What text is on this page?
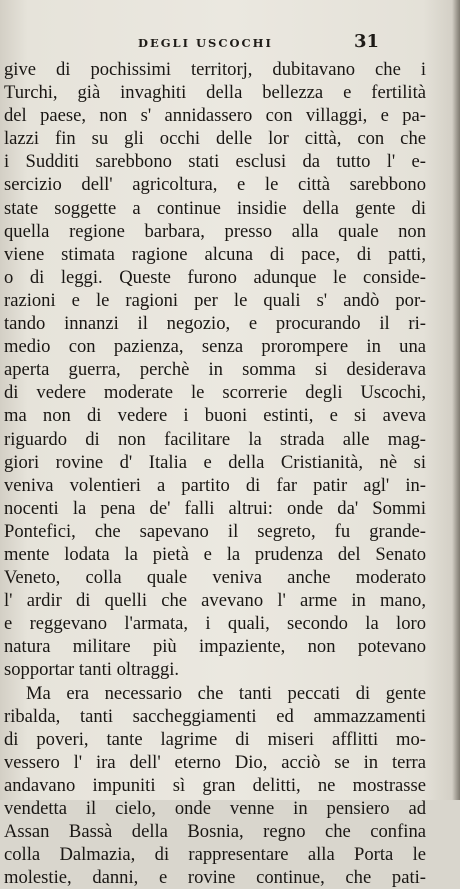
DEGLI USCOCHI	31
give di pochissimi territorj, dubitavano che i
Turchi, già invaghiti della bellezza e fertilità
del paese, non s' annidassero con villaggi, e pa-
lazzi fin su gli occhi delle lor città, con che
i Sudditi sarebbono stati esclusi da tutto l' e-
sercizio dell' agricoltura, e le città sarebbono
state soggette a continue insidie della gente di
quella regione barbara, presso alla quale non
viene stimata ragione alcuna di pace, di patti,
o di leggi. Queste furono adunque le conside-
razioni e le ragioni per le quali s' andò por-
tando innanzi il negozio, e procurando il ri-
medio con pazienza, senza prorompere in una
aperta guerra, perchè in somma si desiderava
di vedere moderate le scorrerie degli Uscochi,
ma non di vedere i buoni estinti, e si aveva
riguardo di non facilitare la strada alle mag-
giori rovine d' Italia e della Cristianità, nè si
veniva volentieri a partito di far patir agl' in-
nocenti la pena de' falli altrui: onde da' Sommi
Pontefici, che sapevano il segreto, fu grande-
mente lodata la pietà e la prudenza del Senato
Veneto, colla quale veniva anche moderato
l' ardir di quelli che avevano l' arme in mano,
e reggevano l'armata, i quali, secondo la loro
natura militare più impaziente, non potevano
sopportar tanti oltraggi.
Ma era necessario che tanti peccati di gente
ribalda, tanti saccheggiamenti ed ammazzamenti
di poveri, tante lagrime di miseri afflitti mo-
vessero l' ira dell' eterno Dio, acciò se in terra
andavano impuniti sì gran delitti, ne mostrasse
vendetta il cielo, onde venne in pensiero ad
Assan Bassà della Bosnia, regno che confina
colla Dalmazia, di rappresentare alla Porta le
molestie, danni, e rovine continue, che pati-
